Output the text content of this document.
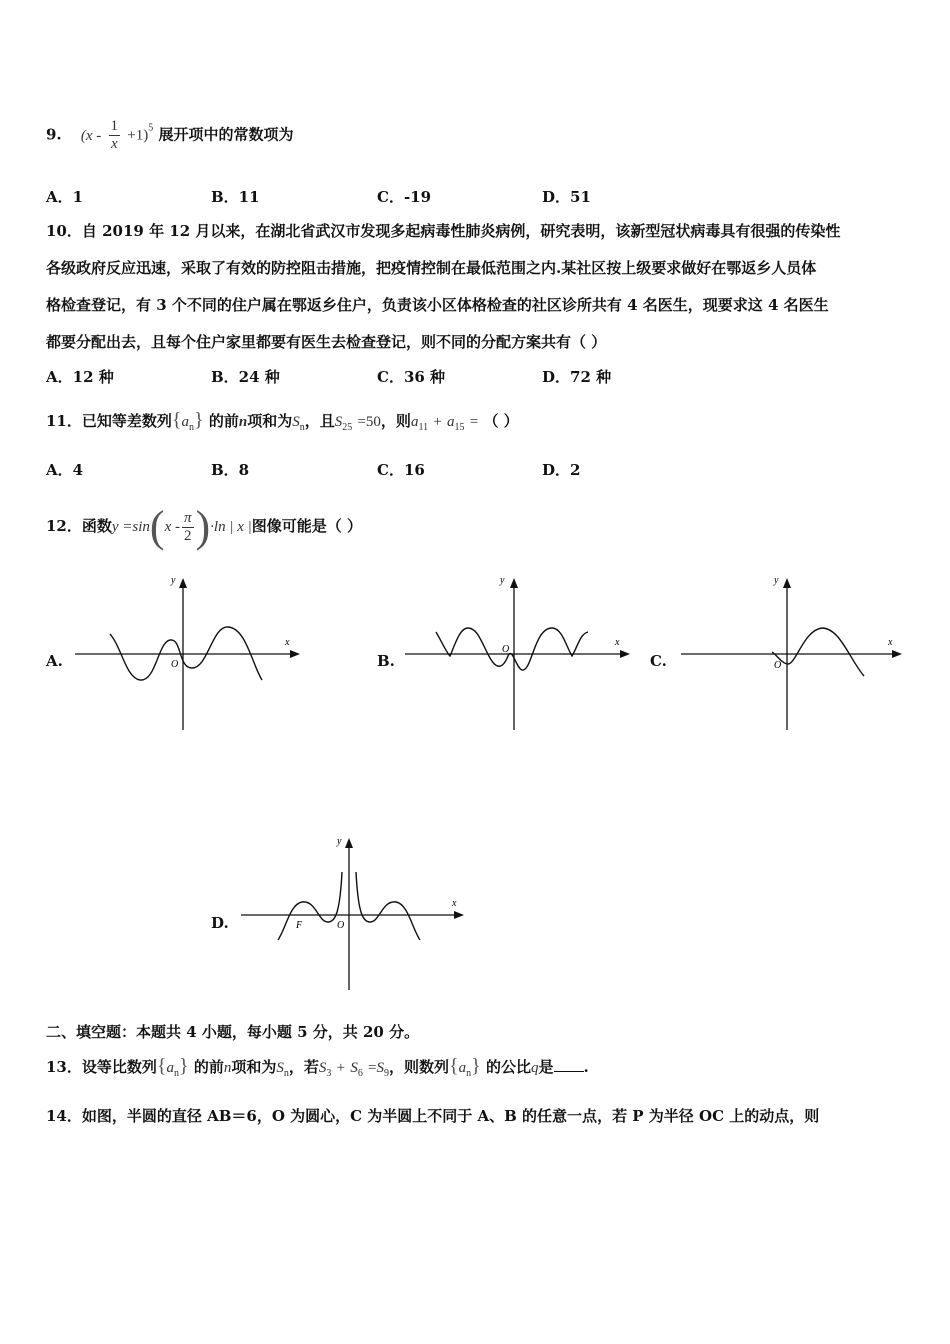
9. $(x - \frac{1}{x} +1)^5$ 展开项中的常数项为
A．1	B．11	C．-19	D．51
10．自 2019 年 12 月以来，在湖北省武汉市发现多起病毒性肺炎病例，研究表明，该新型冠状病毒具有很强的传染性
各级政府反应迅速，采取了有效的防控阻击措施，把疫情控制在最低范围之内.某社区按上级要求做好在鄂返乡人员体
格检查登记，有 3 个不同的住户属在鄂返乡住户，负责该小区体格检查的社区诊所共有 4 名医生，现要求这 4 名医生
都要分配出去，且每个住户家里都要有医生去检查登记，则不同的分配方案共有（ ）
A．12 种	B．24 种	C．36 种	D．72 种
11．已知等差数列$\{a_n\}$ 的前n项和为$S_n$，且$S_{25} =50$，则$a_{11} + a_{15}$ = （ ）
A．4	B．8	C．16	D．2
12．函数$y =\sin(x - \frac{\pi}{2} )\cdot\ln$ | x |图像可能是（ ）
A.
x
y
O	B.
x
y
O
C.
x
y
O
D.
x
y
O
F
二、填空题：本题共 4 小题，每小题 5 分，共 20 分。
13．设等比数列$\{a_n\}$ 的前n项和为$S_n$，若$S_3 + S_6 =S_9$，则数列$\{a_n\}$ 的公比q是 .
14．如图，半圆的直径 AB＝6，O 为圆心，C 为半圆上不同于 A、B 的任意一点，若 P 为半径 OC 上的动点，则
